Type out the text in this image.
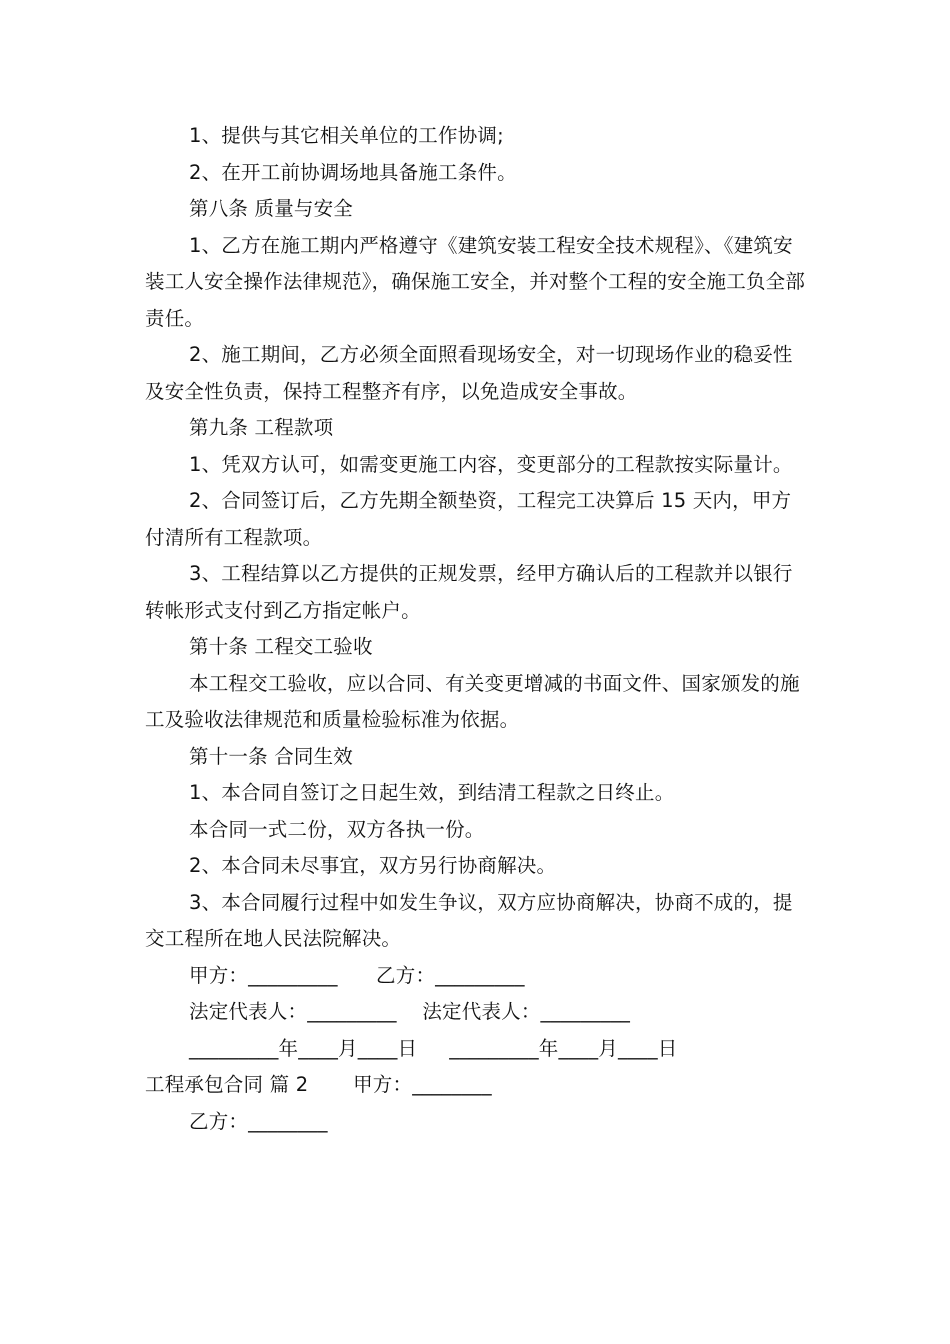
1、提供与其它相关单位的工作协调;

2、在开工前协调场地具备施工条件。

第八条 质量与安全

1、乙方在施工期内严格遵守《建筑安装工程安全技术规程》、《建筑安装工人安全操作法律规范》，确保施工安全，并对整个工程的安全施工负全部责任。

2、施工期间，乙方必须全面照看现场安全，对一切现场作业的稳妥性及安全性负责，保持工程整齐有序，以免造成安全事故。

第九条 工程款项

1、凭双方认可，如需变更施工内容，变更部分的工程款按实际量计。

2、合同签订后，乙方先期全额垫资，工程完工决算后 15 天内，甲方付清所有工程款项。

3、工程结算以乙方提供的正规发票，经甲方确认后的工程款并以银行转帐形式支付到乙方指定帐户。

第十条 工程交工验收

本工程交工验收，应以合同、有关变更增减的书面文件、国家颁发的施工及验收法律规范和质量检验标准为依据。

第十一条 合同生效

1、本合同自签订之日起生效，到结清工程款之日终止。

本合同一式二份，双方各执一份。

2、本合同未尽事宜，双方另行协商解决。

3、本合同履行过程中如发生争议，双方应协商解决，协商不成的，提交工程所在地人民法院解决。

甲方：_________      乙方：_________

法定代表人：_________    法定代表人：_________

_________年____月____日     _________年____月____日

工程承包合同 篇 2       甲方：________

乙方：________
